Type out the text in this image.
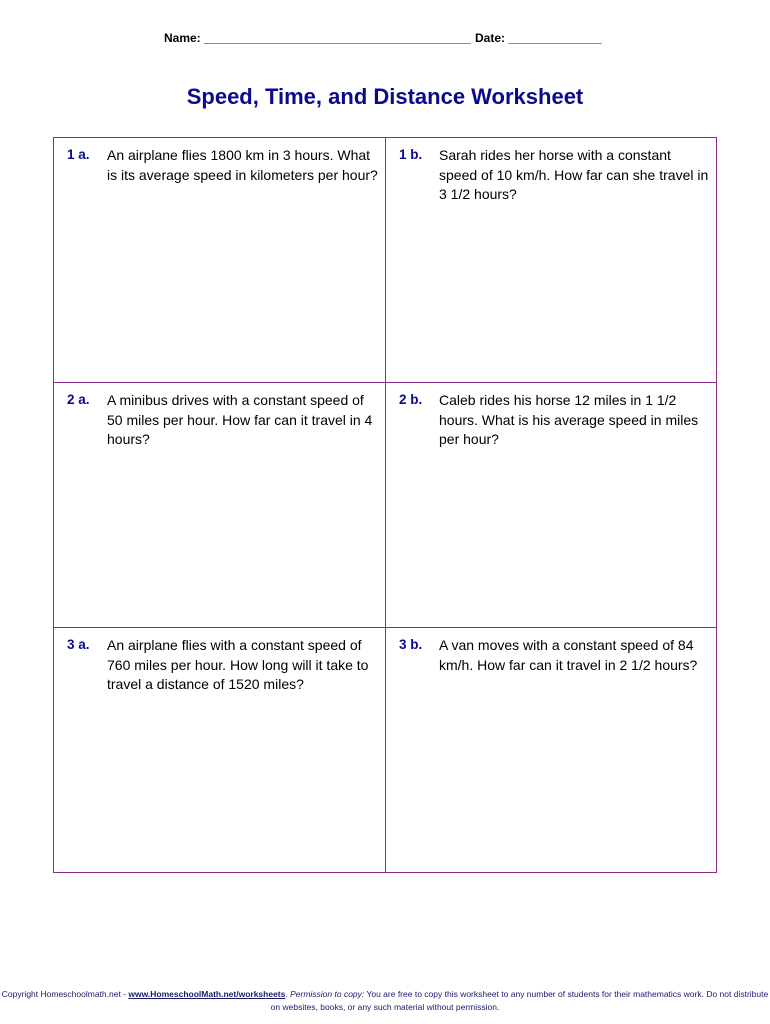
Name: ________________________________________ Date: ______________
Speed, Time, and Distance Worksheet
1 a. An airplane flies 1800 km in 3 hours. What is its average speed in kilometers per hour?
1 b. Sarah rides her horse with a constant speed of 10 km/h. How far can she travel in 3 1/2 hours?
2 a. A minibus drives with a constant speed of 50 miles per hour. How far can it travel in 4 hours?
2 b. Caleb rides his horse 12 miles in 1 1/2 hours. What is his average speed in miles per hour?
3 a. An airplane flies with a constant speed of 760 miles per hour. How long will it take to travel a distance of 1520 miles?
3 b. A van moves with a constant speed of 84 km/h. How far can it travel in 2 1/2 hours?
Copyright Homeschoolmath.net - www.HomeschoolMath.net/worksheets. Permission to copy: You are free to copy this worksheet to any number of students for their mathematics work. Do not distribute on websites, books, or any such material without permission.
